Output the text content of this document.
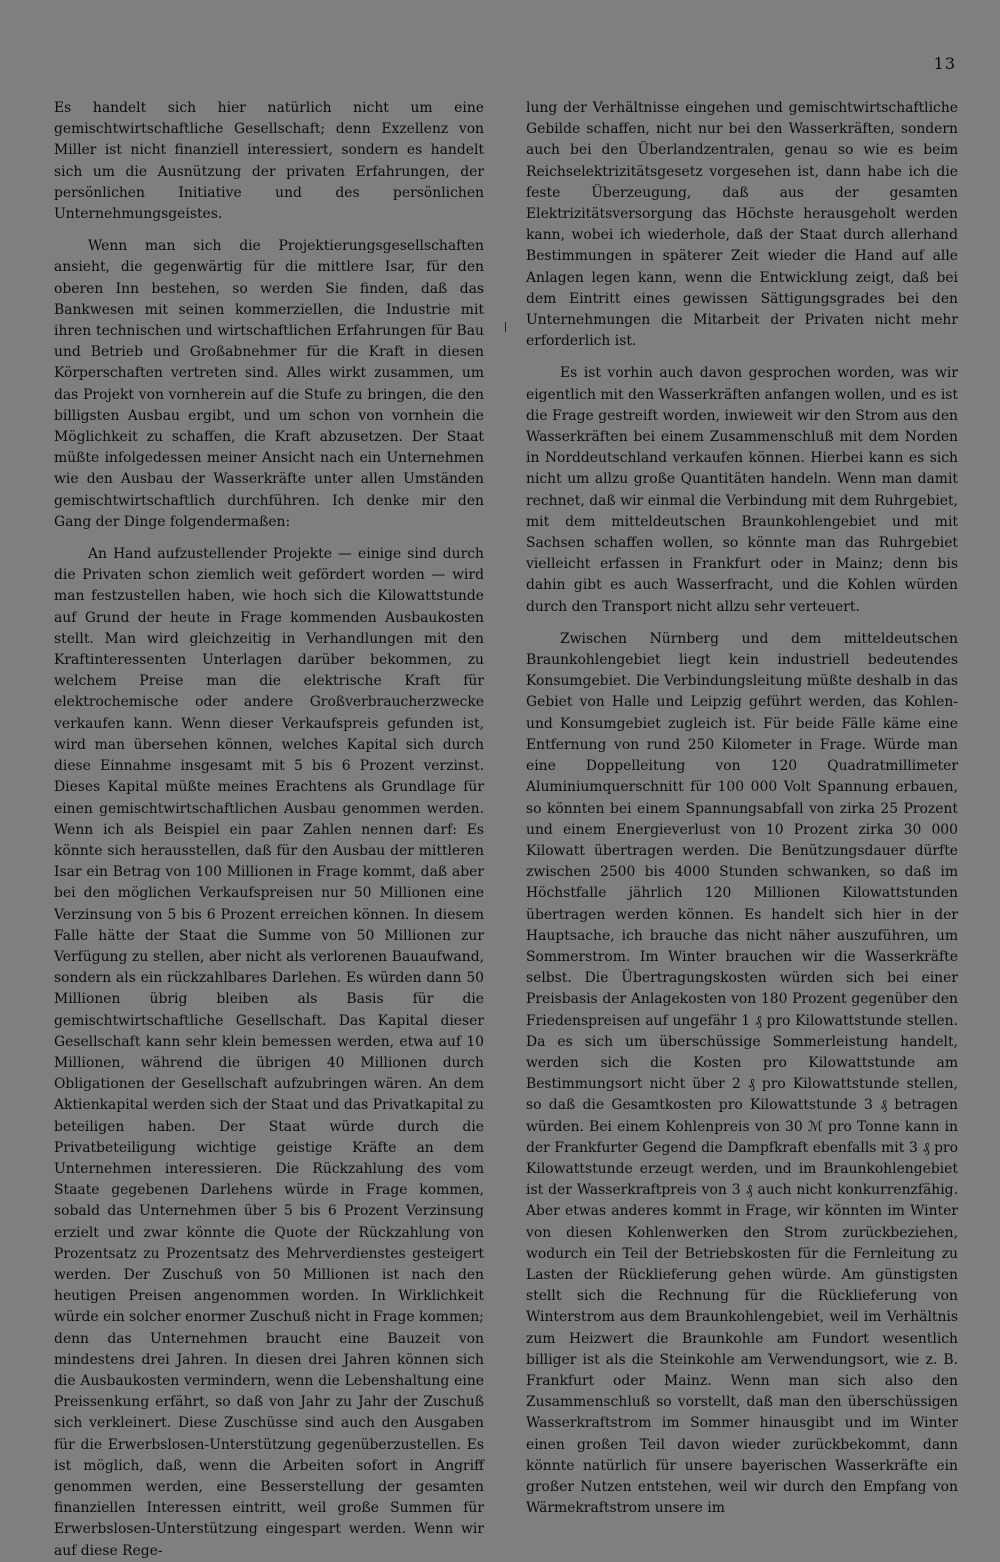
13

Es handelt sich hier natürlich nicht um eine gemischtwirtschaftliche Gesellschaft; denn Exzellenz von Miller ist nicht finanziell interessiert, sondern es handelt sich um die Ausnützung der privaten Erfahrungen, der persönlichen Initiative und des persönlichen Unternehmungsgeistes.

Wenn man sich die Projektierungsgesellschaften ansieht, die gegenwärtig für die mittlere Isar, für den oberen Inn bestehen, so werden Sie finden, daß das Bankwesen mit seinen kommerziellen, die Industrie mit ihren technischen und wirtschaftlichen Erfahrungen für Bau und Betrieb und Großabnehmer für die Kraft in diesen Körperschaften vertreten sind. Alles wirkt zusammen, um das Projekt von vornherein auf die Stufe zu bringen, die den billigsten Ausbau ergibt, und um schon von vornhein die Möglichkeit zu schaffen, die Kraft abzusetzen. Der Staat müßte infolgedessen meiner Ansicht nach ein Unternehmen wie den Ausbau der Wasserkräfte unter allen Umständen gemischtwirtschaftlich durchführen. Ich denke mir den Gang der Dinge folgendermaßen:

An Hand aufzustellender Projekte — einige sind durch die Privaten schon ziemlich weit gefördert worden — wird man festzustellen haben, wie hoch sich die Kilowattstunde auf Grund der heute in Frage kommenden Ausbaukosten stellt. Man wird gleichzeitig in Verhandlungen mit den Kraftinteressenten Unterlagen darüber bekommen, zu welchem Preise man die elektrische Kraft für elektrochemische oder andere Großverbraucherzwecke verkaufen kann. Wenn dieser Verkaufspreis gefunden ist, wird man übersehen können, welches Kapital sich durch diese Einnahme insgesamt mit 5 bis 6 Prozent verzinst. Dieses Kapital müßte meines Erachtens als Grundlage für einen gemischtwirtschaftlichen Ausbau genommen werden. Wenn ich als Beispiel ein paar Zahlen nennen darf: Es könnte sich herausstellen, daß für den Ausbau der mittleren Isar ein Betrag von 100 Millionen in Frage kommt, daß aber bei den möglichen Verkaufspreisen nur 50 Millionen eine Verzinsung von 5 bis 6 Prozent erreichen können. In diesem Falle hätte der Staat die Summe von 50 Millionen zur Verfügung zu stellen, aber nicht als verlorenen Bauaufwand, sondern als ein rückzahlbares Darlehen. Es würden dann 50 Millionen übrig bleiben als Basis für die gemischtwirtschaftliche Gesellschaft. Das Kapital dieser Gesellschaft kann sehr klein bemessen werden, etwa auf 10 Millionen, während die übrigen 40 Millionen durch Obligationen der Gesellschaft aufzubringen wären. An dem Aktienkapital werden sich der Staat und das Privatkapital zu beteiligen haben. Der Staat würde durch die Privatbeteiligung wichtige geistige Kräfte an dem Unternehmen interessieren. Die Rückzahlung des vom Staate gegebenen Darlehens würde in Frage kommen, sobald das Unternehmen über 5 bis 6 Prozent Verzinsung erzielt und zwar könnte die Quote der Rückzahlung von Prozentsatz zu Prozentsatz des Mehrverdienstes gesteigert werden. Der Zuschuß von 50 Millionen ist nach den heutigen Preisen angenommen worden. In Wirklichkeit würde ein solcher enormer Zuschuß nicht in Frage kommen; denn das Unternehmen braucht eine Bauzeit von mindestens drei Jahren. In diesen drei Jahren können sich die Ausbaukosten vermindern, wenn die Lebenshaltung eine Preissenkung erfährt, so daß von Jahr zu Jahr der Zuschuß sich verkleinert. Diese Zuschüsse sind auch den Ausgaben für die Erwerbslosen-Unterstützung gegenüberzustellen. Es ist möglich, daß, wenn die Arbeiten sofort in Angriff genommen werden, eine Besserstellung der gesamten finanziellen Interessen eintritt, weil große Summen für Erwerbslosen-Unterstützung eingespart werden. Wenn wir auf diese Rege-

lung der Verhältnisse eingehen und gemischtwirtschaftliche Gebilde schaffen, nicht nur bei den Wasserkräften, sondern auch bei den Überlandzentralen, genau so wie es beim Reichselektrizitätsgesetz vorgesehen ist, dann habe ich die feste Überzeugung, daß aus der gesamten Elektrizitätsversorgung das Höchste herausgeholt werden kann, wobei ich wiederhole, daß der Staat durch allerhand Bestimmungen in späterer Zeit wieder die Hand auf alle Anlagen legen kann, wenn die Entwicklung zeigt, daß bei dem Eintritt eines gewissen Sättigungsgrades bei den Unternehmungen die Mitarbeit der Privaten nicht mehr erforderlich ist.

Es ist vorhin auch davon gesprochen worden, was wir eigentlich mit den Wasserkräften anfangen wollen, und es ist die Frage gestreift worden, inwieweit wir den Strom aus den Wasserkräften bei einem Zusammenschluß mit dem Norden in Norddeutschland verkaufen können. Hierbei kann es sich nicht um allzu große Quantitäten handeln. Wenn man damit rechnet, daß wir einmal die Verbindung mit dem Ruhrgebiet, mit dem mitteldeutschen Braunkohlengebiet und mit Sachsen schaffen wollen, so könnte man das Ruhrgebiet vielleicht erfassen in Frankfurt oder in Mainz; denn bis dahin gibt es auch Wasserfracht, und die Kohlen würden durch den Transport nicht allzu sehr verteuert.

Zwischen Nürnberg und dem mitteldeutschen Braunkohlengebiet liegt kein industriell bedeutendes Konsumgebiet. Die Verbindungsleitung müßte deshalb in das Gebiet von Halle und Leipzig geführt werden, das Kohlen- und Konsumgebiet zugleich ist. Für beide Fälle käme eine Entfernung von rund 250 Kilometer in Frage. Würde man eine Doppelleitung von 120 Quadratmillimeter Aluminiumquerschnitt für 100 000 Volt Spannung erbauen, so könnten bei einem Spannungsabfall von zirka 25 Prozent und einem Energieverlust von 10 Prozent zirka 30 000 Kilowatt übertragen werden. Die Benützungsdauer dürfte zwischen 2500 bis 4000 Stunden schwanken, so daß im Höchstfalle jährlich 120 Millionen Kilowattstunden übertragen werden können. Es handelt sich hier in der Hauptsache, ich brauche das nicht näher auszuführen, um Sommerstrom. Im Winter brauchen wir die Wasserkräfte selbst. Die Übertragungskosten würden sich bei einer Preisbasis der Anlagekosten von 180 Prozent gegenüber den Friedenspreisen auf ungefähr 1 ₰ pro Kilowattstunde stellen. Da es sich um überschüssige Sommerleistung handelt, werden sich die Kosten pro Kilowattstunde am Bestimmungsort nicht über 2 ₰ pro Kilowattstunde stellen, so daß die Gesamtkosten pro Kilowattstunde 3 ₰ betragen würden. Bei einem Kohlenpreis von 30 ℳ pro Tonne kann in der Frankfurter Gegend die Dampfkraft ebenfalls mit 3 ₰ pro Kilowattstunde erzeugt werden, und im Braunkohlengebiet ist der Wasserkraftpreis von 3 ₰ auch nicht konkurrenzfähig. Aber etwas anderes kommt in Frage, wir könnten im Winter von diesen Kohlenwerken den Strom zurückbeziehen, wodurch ein Teil der Betriebskosten für die Fernleitung zu Lasten der Rücklieferung gehen würde. Am günstigsten stellt sich die Rechnung für die Rücklieferung von Winterstrom aus dem Braunkohlengebiet, weil im Verhältnis zum Heizwert die Braunkohle am Fundort wesentlich billiger ist als die Steinkohle am Verwendungsort, wie z. B. Frankfurt oder Mainz. Wenn man sich also den Zusammenschluß so vorstellt, daß man den überschüssigen Wasserkraftstrom im Sommer hinausgibt und im Winter einen großen Teil davon wieder zurückbekommt, dann könnte natürlich für unsere bayerischen Wasserkräfte ein großer Nutzen entstehen, weil wir durch den Empfang von Wärmekraftstrom unsere im
